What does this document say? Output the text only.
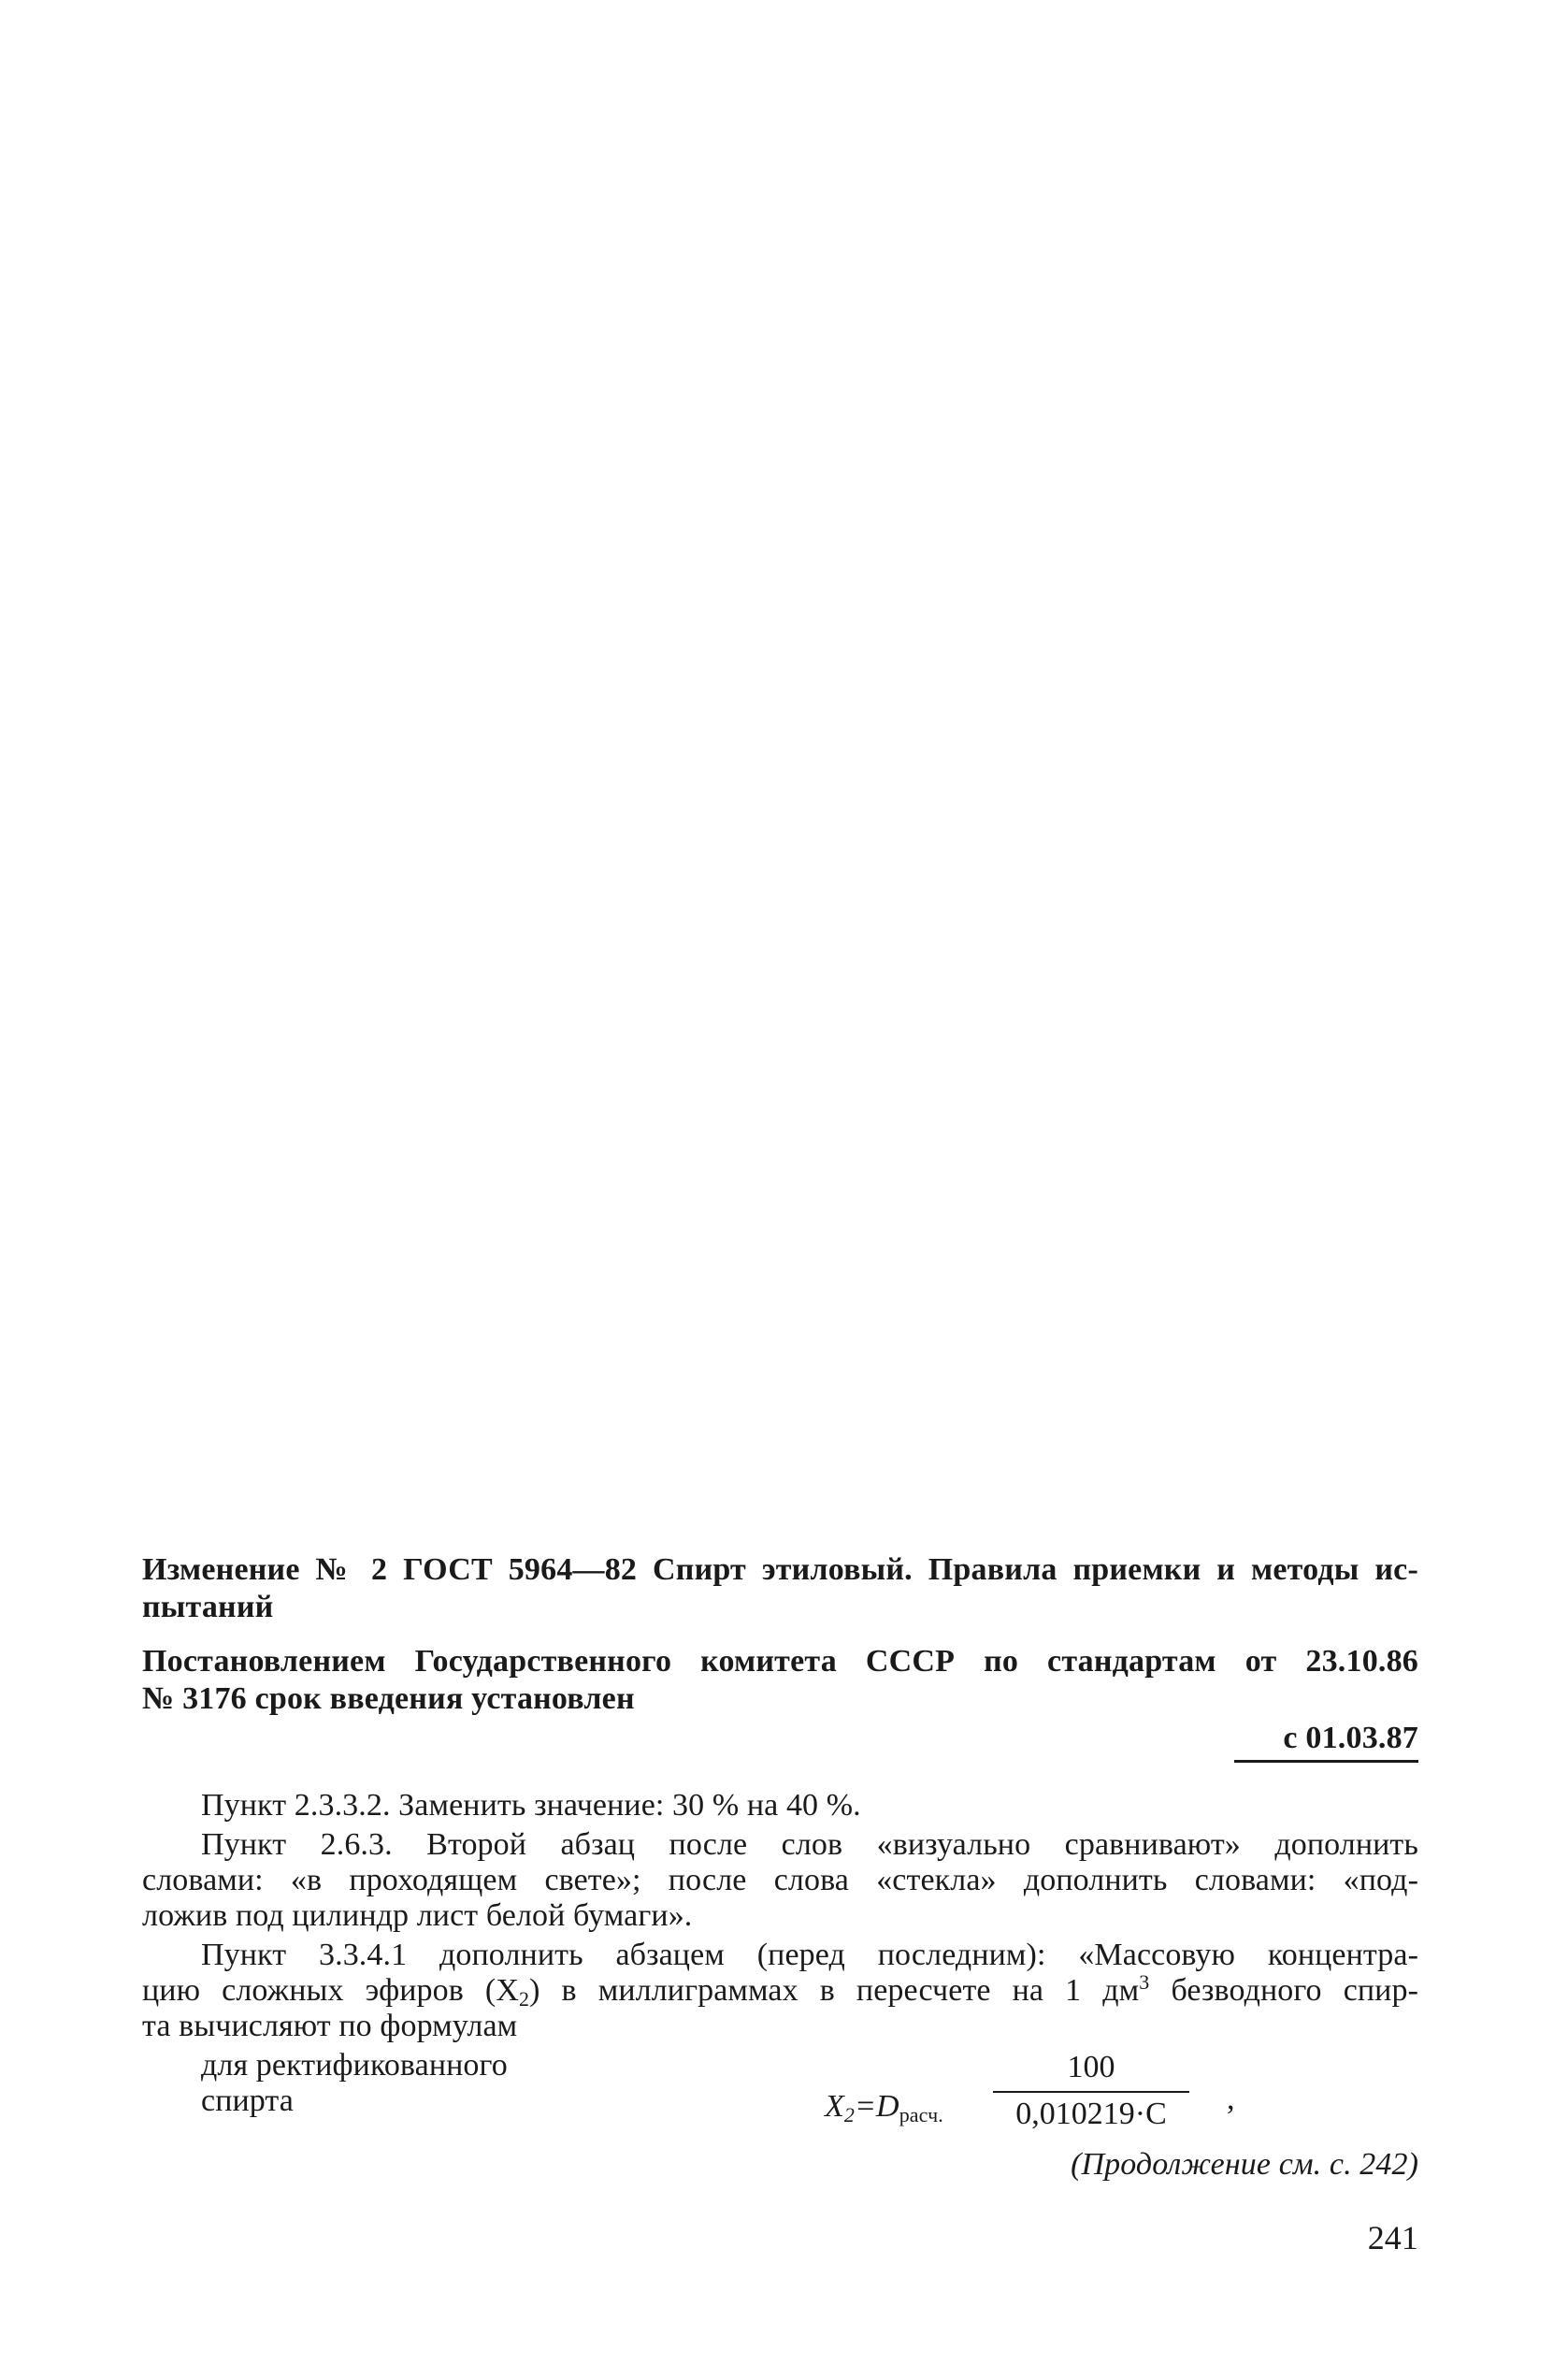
Изменение № 2 ГОСТ 5964—82 Спирт этиловый. Правила приемки и методы ис-
пытаний
Постановлением Государственного комитета СССР по стандартам от 23.10.86
№ 3176 срок введения установлен
с 01.03.87
Пункт 2.3.3.2. Заменить значение: 30 % на 40 %.
Пункт 2.6.3. Второй абзац после слов «визуально сравнивают» дополнить
словами: «в проходящем свете»; после слова «стекла» дополнить словами: «под-
ложив под цилиндр лист белой бумаги».
Пункт 3.3.4.1 дополнить абзацем (перед последним): «Массовую концентра-
цию сложных эфиров $(X_2)$ в миллиграммах в пересчете на 1 $дм^3$ безводного спир-
та вычисляют по формулам
для ректификованного
спирта	$X_2=D_{расч.}$
100
0,010219·C	,
(Продолжение см. с. 242)
241
